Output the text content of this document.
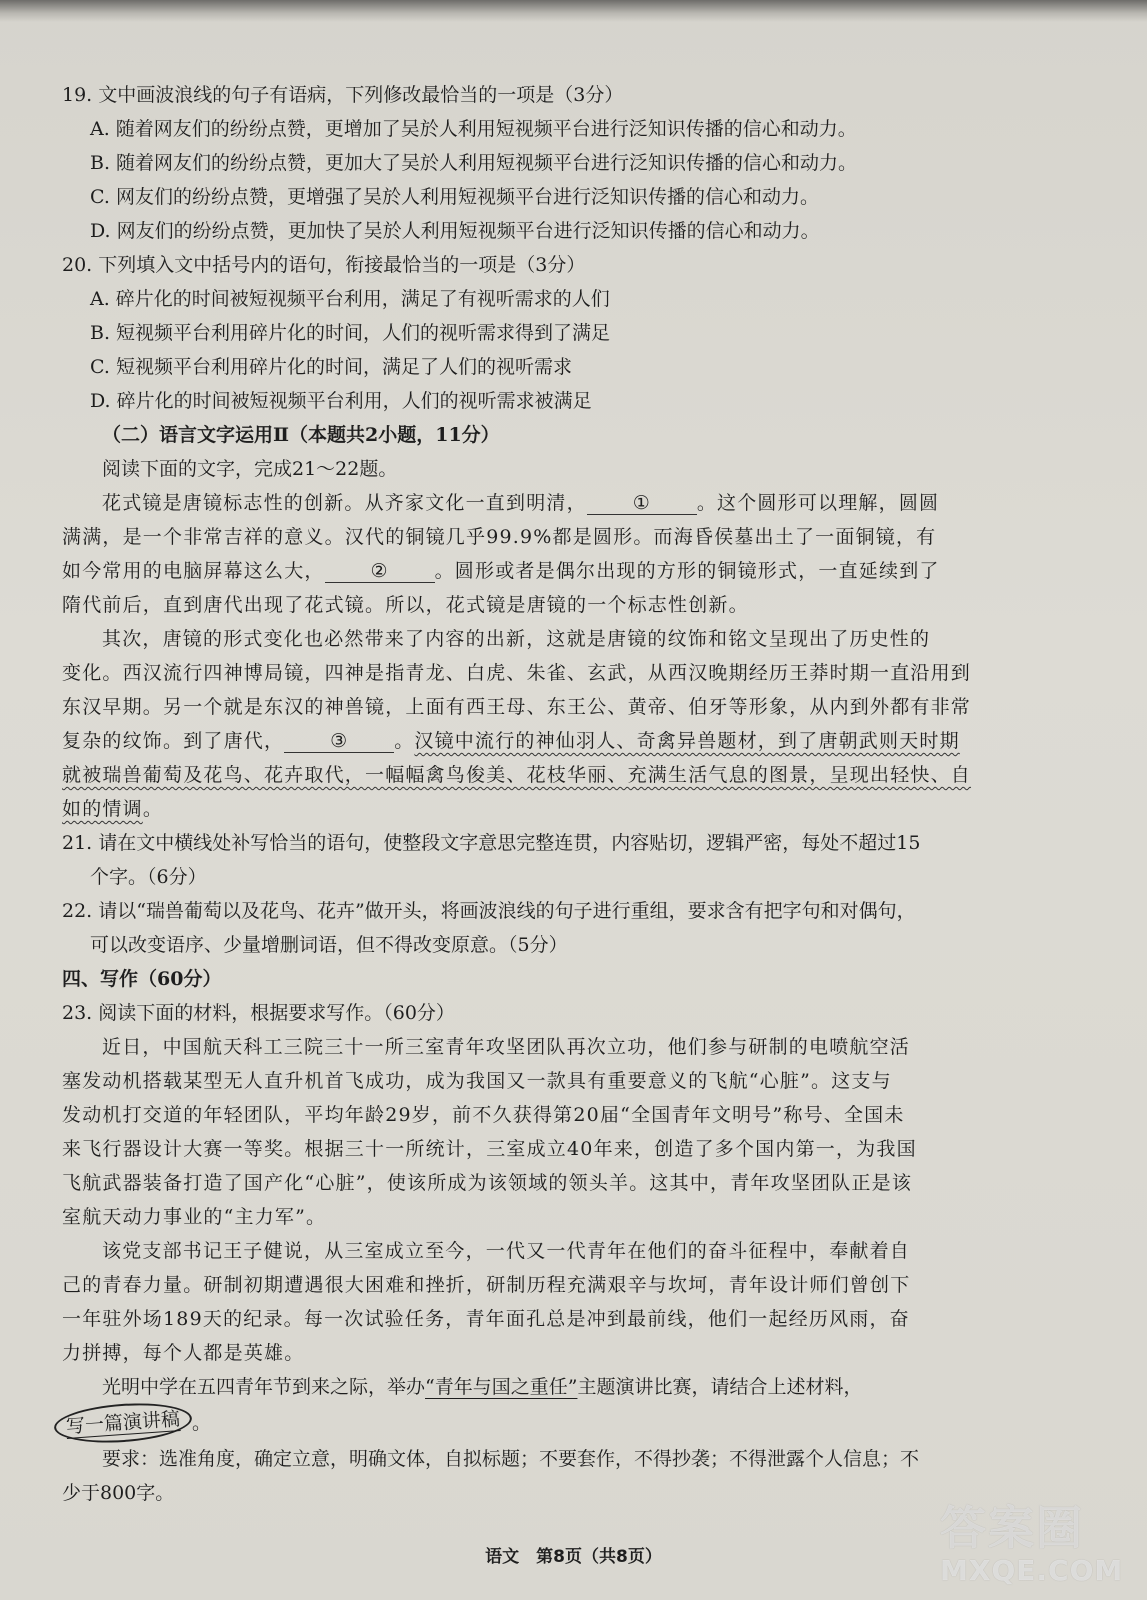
19. 文中画波浪线的句子有语病，下列修改最恰当的一项是（3分）
A. 随着网友们的纷纷点赞，更增加了吴於人利用短视频平台进行泛知识传播的信心和动力。
B. 随着网友们的纷纷点赞，更加大了吴於人利用短视频平台进行泛知识传播的信心和动力。
C. 网友们的纷纷点赞，更增强了吴於人利用短视频平台进行泛知识传播的信心和动力。
D. 网友们的纷纷点赞，更加快了吴於人利用短视频平台进行泛知识传播的信心和动力。
20. 下列填入文中括号内的语句，衔接最恰当的一项是（3分）
A. 碎片化的时间被短视频平台利用，满足了有视听需求的人们
B. 短视频平台利用碎片化的时间，人们的视听需求得到了满足
C. 短视频平台利用碎片化的时间，满足了人们的视听需求
D. 碎片化的时间被短视频平台利用，人们的视听需求被满足
（二）语言文字运用Ⅱ（本题共2小题，11分）
阅读下面的文字，完成21～22题。
花式镜是唐镜标志性的创新。从齐家文化一直到明清， ① 。这个圆形可以理解，圆圆
满满，是一个非常吉祥的意义。汉代的铜镜几乎99.9%都是圆形。而海昏侯墓出土了一面铜镜，有
如今常用的电脑屏幕这么大， ② 。圆形或者是偶尔出现的方形的铜镜形式，一直延续到了
隋代前后，直到唐代出现了花式镜。所以，花式镜是唐镜的一个标志性创新。
其次，唐镜的形式变化也必然带来了内容的出新，这就是唐镜的纹饰和铭文呈现出了历史性的
变化。西汉流行四神博局镜，四神是指青龙、白虎、朱雀、玄武，从西汉晚期经历王莽时期一直沿用到
东汉早期。另一个就是东汉的神兽镜，上面有西王母、东王公、黄帝、伯牙等形象，从内到外都有非常
复杂的纹饰。到了唐代， ③ 。汉镜中流行的神仙羽人、奇禽异兽题材，到了唐朝武则天时期
就被瑞兽葡萄及花鸟、花卉取代，一幅幅禽鸟俊美、花枝华丽、充满生活气息的图景，呈现出轻快、自
如的情调。
21. 请在文中横线处补写恰当的语句，使整段文字意思完整连贯，内容贴切，逻辑严密，每处不超过15
个字。（6分）
22. 请以“瑞兽葡萄以及花鸟、花卉”做开头，将画波浪线的句子进行重组，要求含有把字句和对偶句，
可以改变语序、少量增删词语，但不得改变原意。（5分）
四、写作（60分）
23. 阅读下面的材料，根据要求写作。（60分）
近日，中国航天科工三院三十一所三室青年攻坚团队再次立功，他们参与研制的电喷航空活
塞发动机搭载某型无人直升机首飞成功，成为我国又一款具有重要意义的飞航“心脏”。这支与
发动机打交道的年轻团队，平均年龄29岁，前不久获得第20届“全国青年文明号”称号、全国未
来飞行器设计大赛一等奖。根据三十一所统计，三室成立40年来，创造了多个国内第一，为我国
飞航武器装备打造了国产化“心脏”，使该所成为该领域的领头羊。这其中，青年攻坚团队正是该
室航天动力事业的“主力军”。
该党支部书记王子健说，从三室成立至今，一代又一代青年在他们的奋斗征程中，奉献着自
己的青春力量。研制初期遭遇很大困难和挫折，研制历程充满艰辛与坎坷，青年设计师们曾创下
一年驻外场189天的纪录。每一次试验任务，青年面孔总是冲到最前线，他们一起经历风雨，奋
力拼搏，每个人都是英雄。
光明中学在五四青年节到来之际，举办“青年与国之重任”主题演讲比赛，请结合上述材料，
写一篇演讲稿 。
要求：选准角度，确定立意，明确文体，自拟标题；不要套作，不得抄袭；不得泄露个人信息；不
少于800字。
语文　第8页（共8页）
答案圈
MXQE.COM
